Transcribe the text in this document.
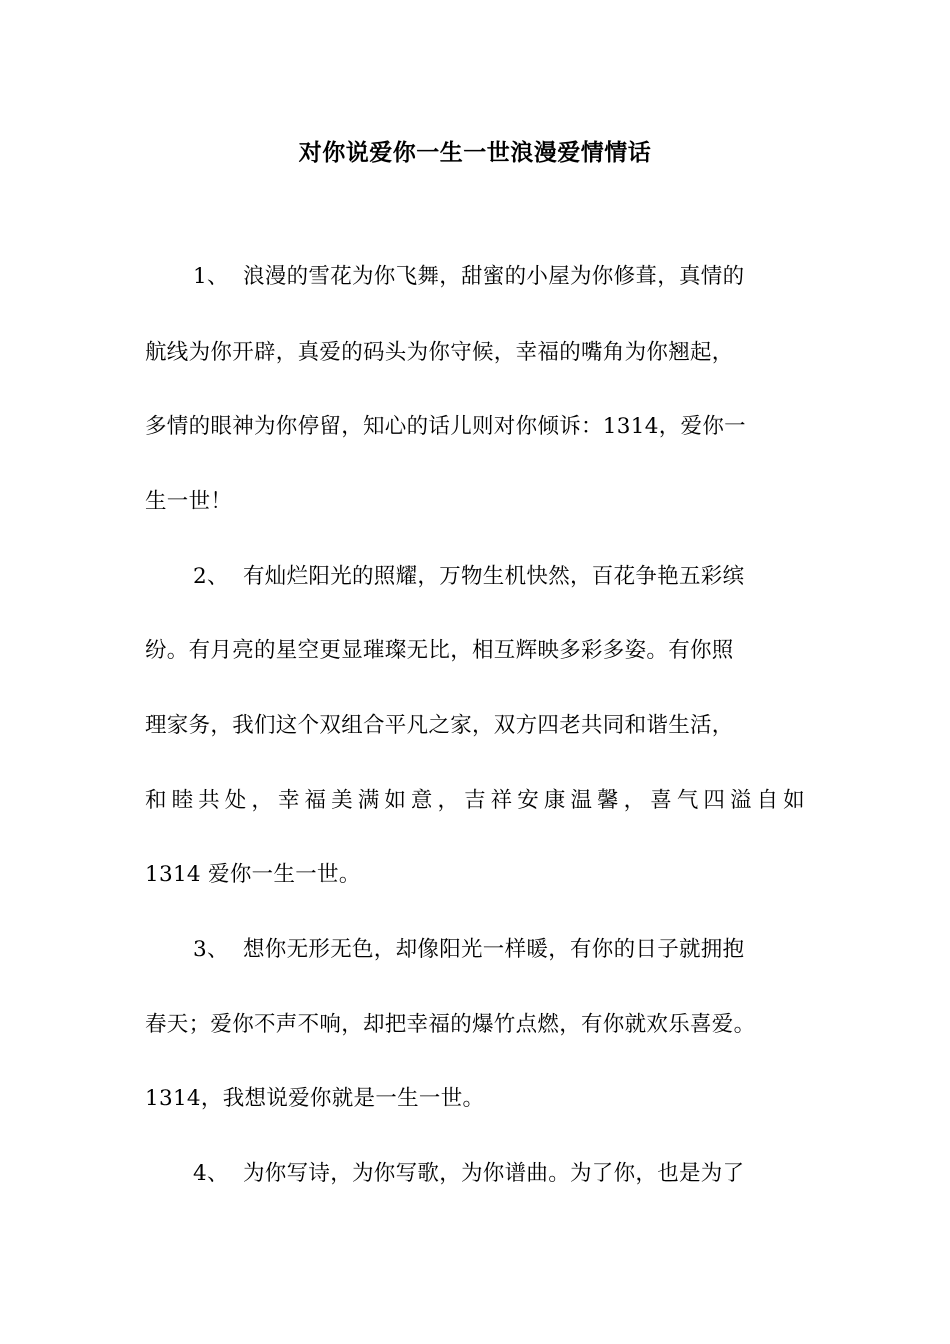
对你说爱你一生一世浪漫爱情情话
1、 浪漫的雪花为你飞舞，甜蜜的小屋为你修葺，真情的
航线为你开辟，真爱的码头为你守候，幸福的嘴角为你翘起，
多情的眼神为你停留，知心的话儿则对你倾诉：1314，爱你一
生一世！
2、 有灿烂阳光的照耀，万物生机快然，百花争艳五彩缤
纷。有月亮的星空更显璀璨无比，相互辉映多彩多姿。有你照
理家务，我们这个双组合平凡之家，双方四老共同和谐生活，
和睦共处，幸福美满如意，吉祥安康温馨，喜气四溢自如
1314 爱你一生一世。
3、 想你无形无色，却像阳光一样暖，有你的日子就拥抱
春天；爱你不声不响，却把幸福的爆竹点燃，有你就欢乐喜爱。
1314，我想说爱你就是一生一世。
4、 为你写诗，为你写歌，为你谱曲。为了你，也是为了
